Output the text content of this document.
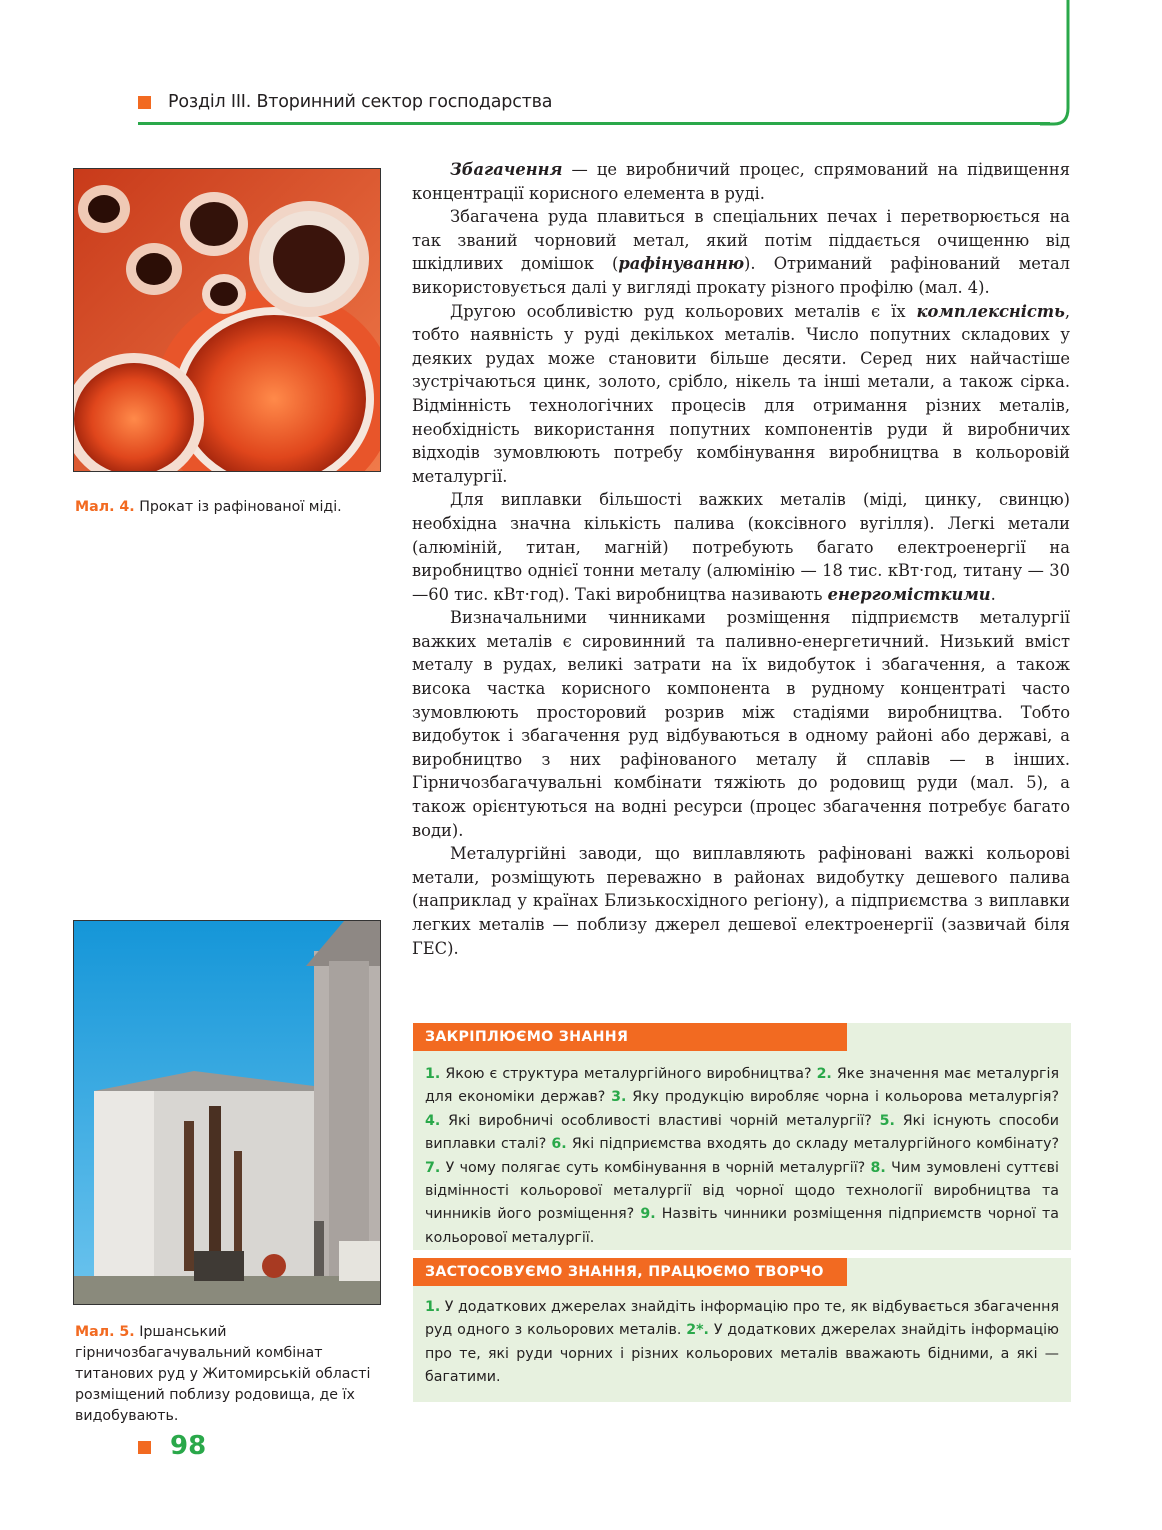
Розділ III. Вторинний сектор господарства
Мал. 4. Прокат із рафінованої міді.
Мал. 5. Іршанський гірничозбагачувальний комбінат титанових руд у Житомирській області розміщений поблизу родовища, де їх видобувають.

Збагачення — це виробничий процес, спрямований на підвищення концентрації корисного елемента в руді.

Збагачена руда плавиться в спеціальних печах і перетворюється на так званий чорновий метал, який потім піддається очищенню від шкідливих домішок (рафінуванню). Отриманий рафінований метал використовується далі у вигляді прокату різного профілю (мал. 4).

Другою особливістю руд кольорових металів є їх комплексність, тобто наявність у руді декількох металів. Число попутних складових у деяких рудах може становити більше десяти. Серед них найчастіше зустрічаються цинк, золото, срібло, нікель та інші метали, а також сірка. Відмінність технологічних процесів для отримання різних металів, необхідність використання попутних компонентів руди й виробничих відходів зумовлюють потребу комбінування виробництва в кольоровій металургії.

Для виплавки більшості важких металів (міді, цинку, свинцю) необхідна значна кількість палива (коксівного вугілля). Легкі метали (алюміній, титан, магній) потребують багато електроенергії на виробництво однієї тонни металу (алюмінію — 18 тис. кВт·год, титану — 30—60 тис. кВт·год). Такі виробництва називають енергомісткими.

Визначальними чинниками розміщення підприємств металургії важких металів є сировинний та паливно-енергетичний. Низький вміст металу в рудах, великі затрати на їх видобуток і збагачення, а також висока частка корисного компонента в рудному концентраті часто зумовлюють просторовий розрив між стадіями виробництва. Тобто видобуток і збагачення руд відбуваються в одному районі або державі, а виробництво з них рафінованого металу й сплавів — в інших. Гірничозбагачувальні комбінати тяжіють до родовищ руди (мал. 5), а також орієнтуються на водні ресурси (процес збагачення потребує багато води).

Металургійні заводи, що виплавляють рафіновані важкі кольорові метали, розміщують переважно в районах видобутку дешевого палива (наприклад у країнах Близькосхідного регіону), а підприємства з виплавки легких металів — поблизу джерел дешевої електроенергії (зазвичай біля ГЕС).

ЗАКРІПЛЮЄМО ЗНАННЯ
1. Якою є структура металургійного виробництва? 2. Яке значення має металургія для економіки держав? 3. Яку продукцію виробляє чорна і кольорова металургія? 4. Які виробничі особливості властиві чорній металургії? 5. Які існують способи виплавки сталі? 6. Які підприємства входять до складу металургійного комбінату? 7. У чому полягає суть комбінування в чорній металургії? 8. Чим зумовлені суттєві відмінності кольорової металургії від чорної щодо технології виробництва та чинників його розміщення? 9. Назвіть чинники розміщення підприємств чорної та кольорової металургії.
ЗАСТОСОВУЄМО ЗНАННЯ, ПРАЦЮЄМО ТВОРЧО
1. У додаткових джерелах знайдіть інформацію про те, як відбувається збагачення руд одного з кольорових металів. 2*. У додаткових джерелах знайдіть інформацію про те, які руди чорних і різних кольорових металів вважають бідними, а які — багатими.
98
